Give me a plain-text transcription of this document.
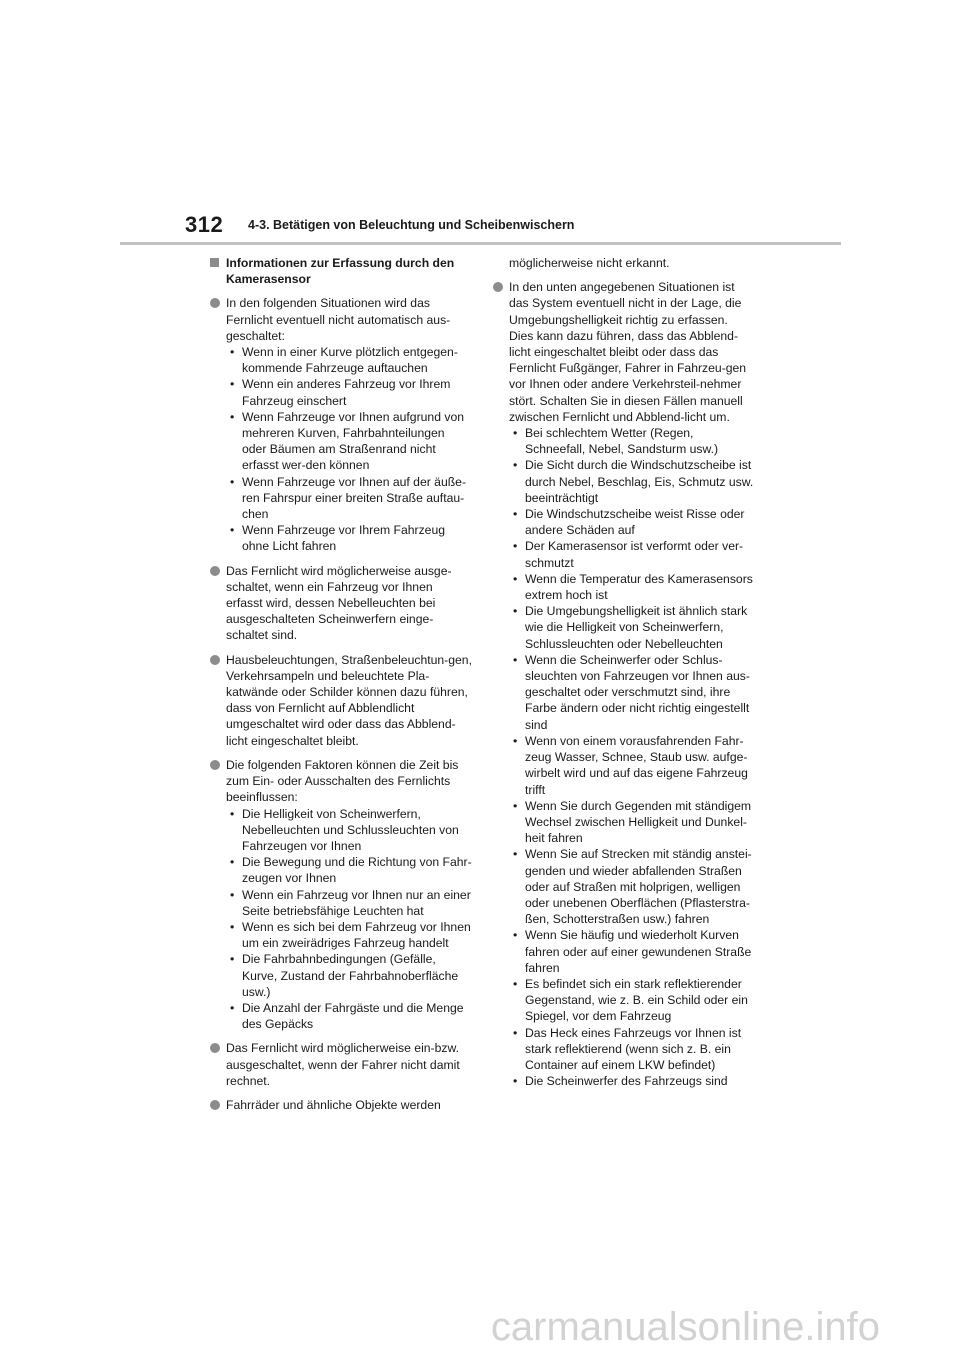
312 4-3. Betätigen von Beleuchtung und Scheibenwischern
Informationen zur Erfassung durch den Kamerasensor
In den folgenden Situationen wird das Fernlicht eventuell nicht automatisch aus-geschaltet:
• Wenn in einer Kurve plötzlich entgegen-kommende Fahrzeuge auftauchen
• Wenn ein anderes Fahrzeug vor Ihrem Fahrzeug einschert
• Wenn Fahrzeuge vor Ihnen aufgrund von mehreren Kurven, Fahrbahnteilungen oder Bäumen am Straßenrand nicht erfasst wer-den können
• Wenn Fahrzeuge vor Ihnen auf der äuße-ren Fahrspur einer breiten Straße auftau-chen
• Wenn Fahrzeuge vor Ihrem Fahrzeug ohne Licht fahren
Das Fernlicht wird möglicherweise ausge-schaltet, wenn ein Fahrzeug vor Ihnen erfasst wird, dessen Nebelleuchten bei ausgeschalteten Scheinwerfern einge-schaltet sind.
Hausbeleuchtungen, Straßenbeleuchtun-gen, Verkehrsampeln und beleuchtete Pla-katwände oder Schilder können dazu führen, dass von Fernlicht auf Abblendlicht umgeschaltet wird oder dass das Abblend-licht eingeschaltet bleibt.
Die folgenden Faktoren können die Zeit bis zum Ein- oder Ausschalten des Fernlichts beeinflussen:
• Die Helligkeit von Scheinwerfern, Nebelleuchten und Schlussleuchten von Fahrzeugen vor Ihnen
• Die Bewegung und die Richtung von Fahr-zeugen vor Ihnen
• Wenn ein Fahrzeug vor Ihnen nur an einer Seite betriebsfähige Leuchten hat
• Wenn es sich bei dem Fahrzeug vor Ihnen um ein zweirädriges Fahrzeug handelt
• Die Fahrbahnbedingungen (Gefälle, Kurve, Zustand der Fahrbahnoberfläche usw.)
• Die Anzahl der Fahrgäste und die Menge des Gepäcks
Das Fernlicht wird möglicherweise ein-bzw. ausgeschaltet, wenn der Fahrer nicht damit rechnet.
Fahrräder und ähnliche Objekte werden
möglicherweise nicht erkannt.
In den unten angegebenen Situationen ist das System eventuell nicht in der Lage, die Umgebungshelligkeit richtig zu erfassen. Dies kann dazu führen, dass das Abblend-licht eingeschaltet bleibt oder dass das Fernlicht Fußgänger, Fahrer in Fahrzeu-gen vor Ihnen oder andere Verkehrsteil-nehmer stört. Schalten Sie in diesen Fällen manuell zwischen Fernlicht und Abblend-licht um.
• Bei schlechtem Wetter (Regen, Schneefall, Nebel, Sandsturm usw.)
• Die Sicht durch die Windschutzscheibe ist durch Nebel, Beschlag, Eis, Schmutz usw. beeinträchtigt
• Die Windschutzscheibe weist Risse oder andere Schäden auf
• Der Kamerasensor ist verformt oder ver-schmutzt
• Wenn die Temperatur des Kamerasensors extrem hoch ist
• Die Umgebungshelligkeit ist ähnlich stark wie die Helligkeit von Scheinwerfern, Schlussleuchten oder Nebelleuchten
• Wenn die Scheinwerfer oder Schlus-sleuchten von Fahrzeugen vor Ihnen aus-geschaltet oder verschmutzt sind, ihre Farbe ändern oder nicht richtig eingestellt sind
• Wenn von einem vorausfahrenden Fahr-zeug Wasser, Schnee, Staub usw. aufge-wirbelt wird und auf das eigene Fahrzeug trifft
• Wenn Sie durch Gegenden mit ständigem Wechsel zwischen Helligkeit und Dunkel-heit fahren
• Wenn Sie auf Strecken mit ständig anstei-genden und wieder abfallenden Straßen oder auf Straßen mit holprigen, welligen oder unebenen Oberflächen (Pflasterstra-ßen, Schotterstraßen usw.) fahren
• Wenn Sie häufig und wiederholt Kurven fahren oder auf einer gewundenen Straße fahren
• Es befindet sich ein stark reflektierender Gegenstand, wie z. B. ein Schild oder ein Spiegel, vor dem Fahrzeug
• Das Heck eines Fahrzeugs vor Ihnen ist stark reflektierend (wenn sich z. B. ein Container auf einem LKW befindet)
• Die Scheinwerfer des Fahrzeugs sind
carmanualsonline.info
